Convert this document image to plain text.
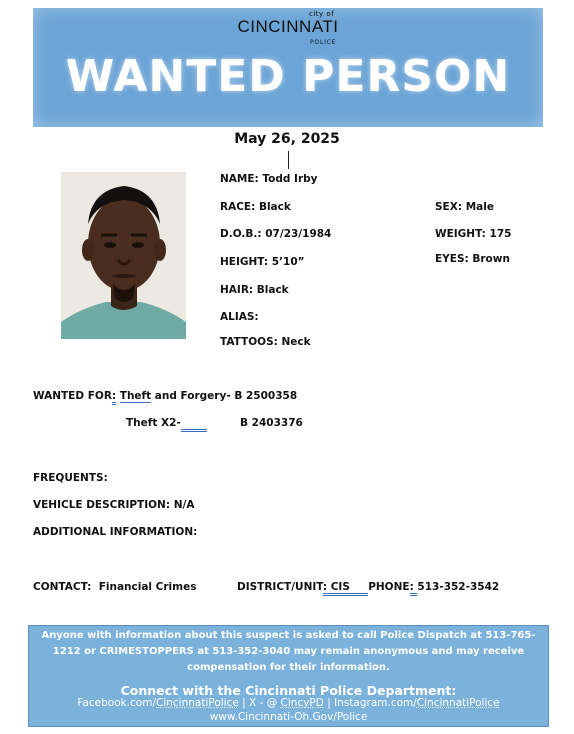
city of
CINCINNATI
POLICE
WANTED PERSON
May 26, 2025
NAME: Todd Irby
RACE: Black
D.O.B.: 07/23/1984
HEIGHT: 5’10”
HAIR: Black
ALIAS:
TATTOOS: Neck
SEX: Male
WEIGHT: 175
EYES: Brown
WANTED FOR: Theft and Forgery- B 2500358
Theft X2-	B 2403376
FREQUENTS:
VEHICLE DESCRIPTION: N/A
ADDITIONAL INFORMATION:
CONTACT: Financial Crimes	DISTRICT/UNIT: CIS PHONE: 513-352-3542
Anyone with information about this suspect is asked to call Police Dispatch at 513-765-1212 or CRIMESTOPPERS at 513-352-3040 may remain anonymous and may receive compensation for their information.
Connect with the Cincinnati Police Department:
Facebook.com/CincinnatiPolice | X - @ CincyPD | Instagram.com/CincinnatiPolice
www.Cincinnati-Oh.Gov/Police
